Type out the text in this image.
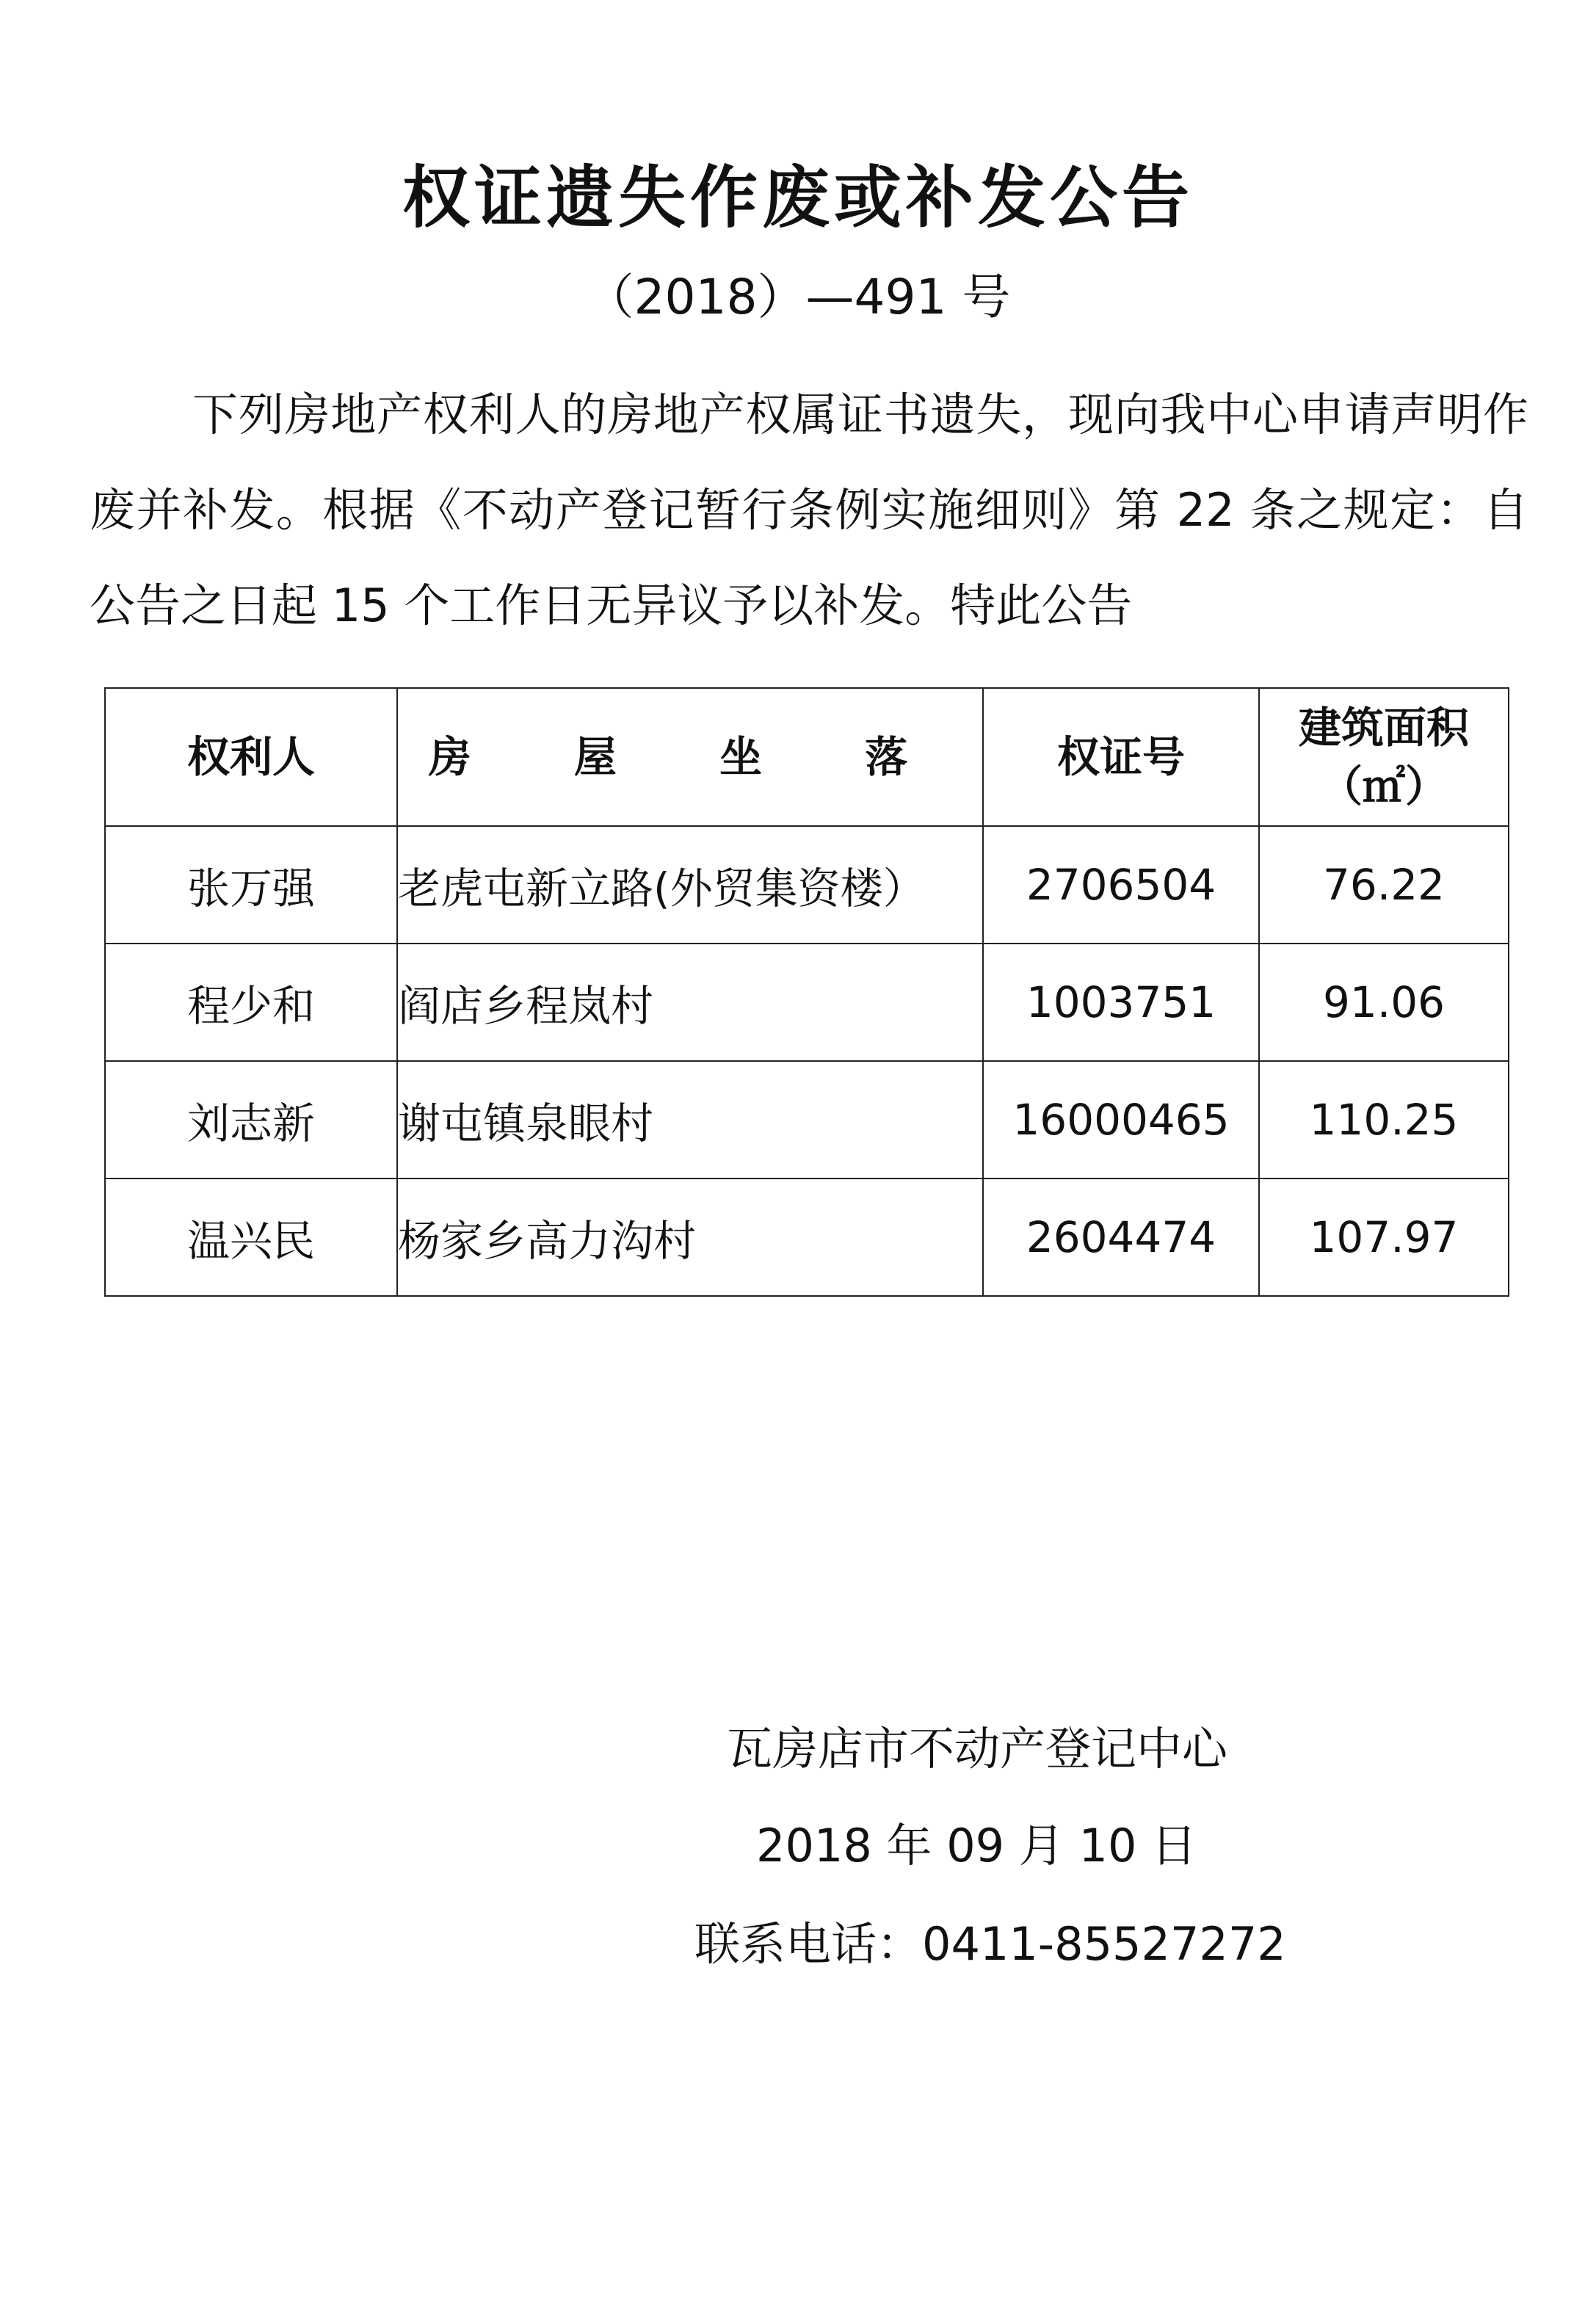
权证遗失作废或补发公告
（2018）—491 号

下列房地产权利人的房地产权属证书遗失，现向我中心申请声明作废并补发。根据《不动产登记暂行条例实施细则》第 22 条之规定：自公告之日起 15 个工作日无异议予以补发。特此公告

权利人	房 屋 坐 落	权证号	建筑面积
（㎡）

张万强	老虎屯新立路(外贸集资楼）	2706504	76.22
程少和	阎店乡程岚村	1003751	91.06
刘志新	谢屯镇泉眼村	16000465	110.25
温兴民	杨家乡高力沟村	2604474	107.97
瓦房店市不动产登记中心
2018 年 09 月 10 日
联系电话：0411-85527272
